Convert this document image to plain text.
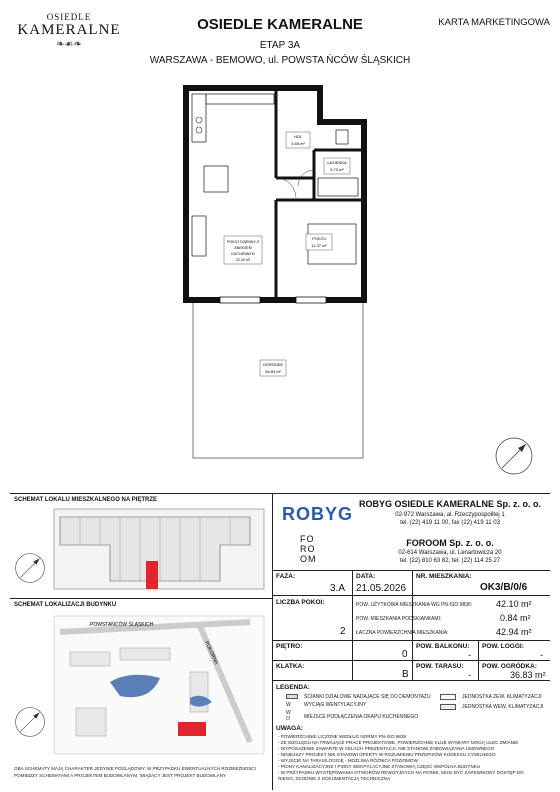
OSIEDLE
KAMERALNE
❧☙❧
OSIEDLE KAMERALNE
ETAP 3A
WARSZAWA - BEMOWO, ul. POWSTA ŃCÓW ŚLĄSKICH
KARTA MARKETINGOWA
HOL
4.65 m²
ŁAZIENKA
3.73 m²
POKÓJ DZIENNY Z
ANEKSEM
KUCHENNYM
22.40 m²
POKÓJ
11.37 m²
OGRÓDEK
36.83 m²
SCHEMAT LOKALU MIESZKALNEGO NA PIĘTRZE
SCHEMAT LOKALIZACJI BUDYNKU
POWSTAŃCÓW ŚLĄSKICH
POKORNA
OBA SCHEMATY MAJĄ CHARAKTER JEDYNIE POGLĄDOWY. W PRZYPADKU EWENTUALNYCH ROZBIEŻNOŚCI
POMIEDZY SCHEMATAMI A PROJEKTEM BUDOWLANYM, WIĄŻĄCY JEST PROJEKT BUDOWLANY
ROBYG ROBYG OSIEDLE KAMERALNE Sp. z. o. o.
02-972 Warszawa, al. Rzeczypospolitej 1
tel. (22) 419 11 00, fax (22) 419 11 03
FO
RO
OM
FOROOM Sp. z. o. o.
02-614 Warszawa, ul. Lenartowicza 20
tel. (22) 810 63 82, tel. (22) 114 25 27
FAZA:
3.A
DATA:
21.05.2026
NR. MIESZKANIA:
OK3/B/0/6
LICZBA POKOI:
2
POW. UŻYTKOWA MIESZKANIA WG PN-ISO 9836:	42.10 m²
POW. MIESZKANIA PODSKIANKAMI:	0.84 m²
ŁACZNA POWIERZCHNIA MIESZKANIA:	42.94 m²
PIĘTRO:
0
POW. BALKONU:
-
POW. LOGGI:
-
KLATKA:
B
POW. TARASU:
-
POW. OGRÓDKA:
36.83 m²
LEGENDA:
ŚCIANKI DZIAŁOWE NADAJĄCE SIĘ DO DEMONTAŻU
W	WYCIĄG WENTYLACYJNY
W
O	MIEJSCE PODŁĄCZENIA OKAPU KUCHENNEGO
JEDNOSTKA ZEW. KLIMATYZACJI
JEDNOSTKA WEW. KLIMATYZACJI
UWAGA:
- POWIERZCHNIE LICZONE WEDŁUG NORMY PN-ISO 9836
- ZE WZGLĘDU NA TRWAJĄCE PRACE PROJEKTOWE, POWIERZCHNIE KLUB WYMIARY MOGĄ ULEC ZMIANIE
- WYPOSAŻENIE ZAWARTE W CELACH PREZENTACJI, NIE STANOWI ZOBOWIĄZANIA UMOWNEGO
- NINIEJSZY PROJEKT NIE STANOWI OFERTY W ROZUMIENIU PRZEPISÓW KODEKSU CYWILNEGO
- WYJŚCIE NA TARAS/LOGGIĘ - MOŻLIWA RÓŻNICA POZIOMÓW
- PIONY KANALIZACYJNE I PIONY WENTYLACYJNE STANOWIĄ CZĘŚĆ WSPÓLNA BUDYNKU
- W PRZYPADKU WYSTĘPOWANIA OTWORÓW REWIZYJNYCH NA PIONIE, MUSI BYĆ ZAPEWNIONY DOSTĘP DO
NIEGO, ZGODNIE Z DOKUMENTACJĄ TECHNICZNĄ
